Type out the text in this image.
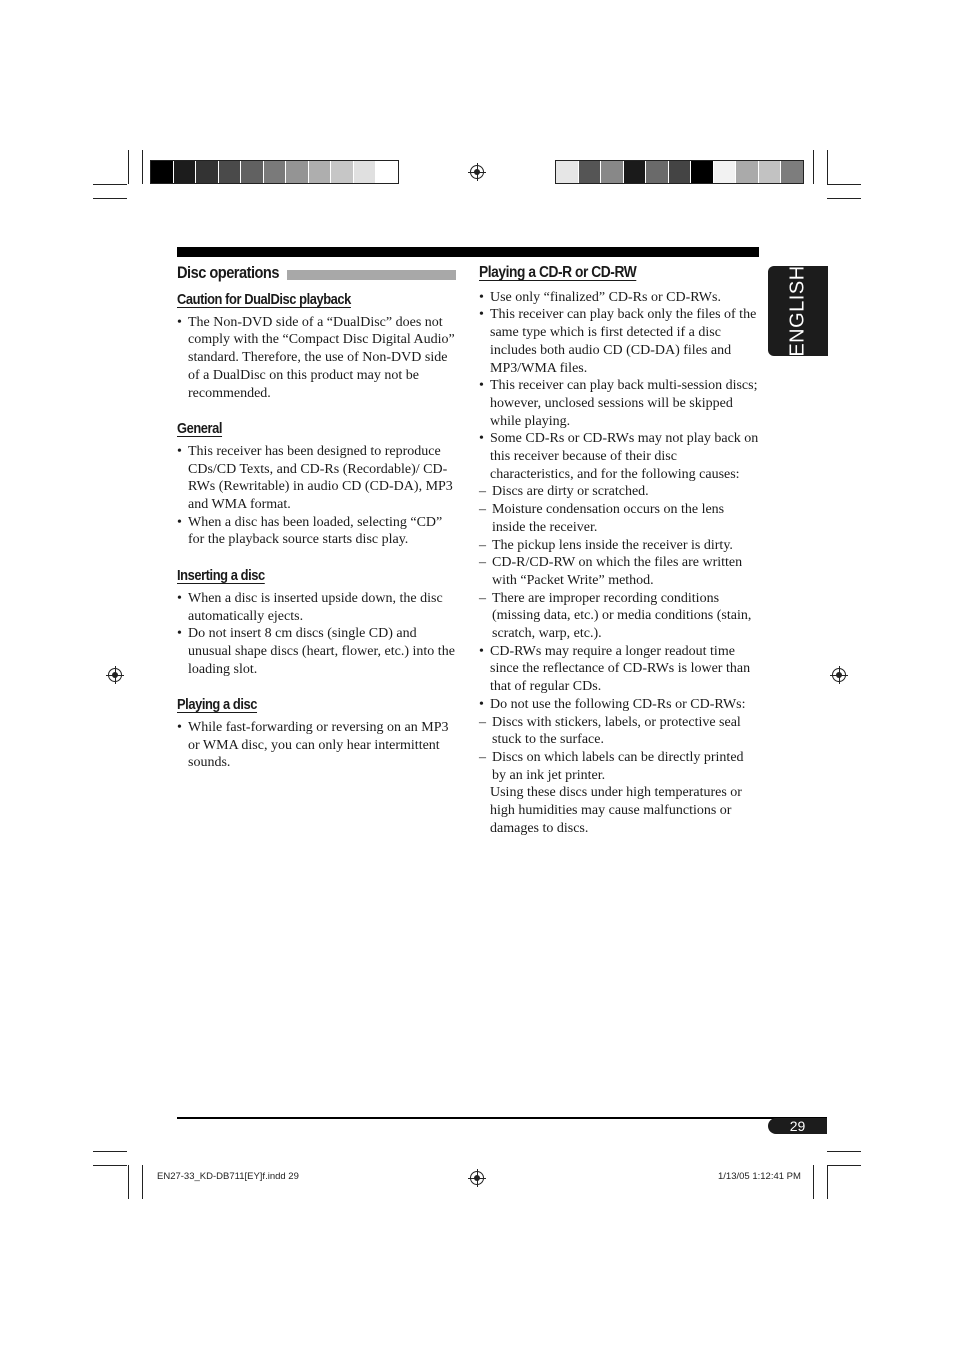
ENGLISH
Disc operations
Caution for DualDisc playback
• The Non-DVD side of a “DualDisc” does not comply with the “Compact Disc Digital Audio” standard. Therefore, the use of Non-DVD side of a DualDisc on this product may not be recommended.
General
• This receiver has been designed to reproduce CDs/CD Texts, and CD-Rs (Recordable)/ CD-RWs (Rewritable) in audio CD (CD-DA), MP3 and WMA format.
• When a disc has been loaded, selecting “CD” for the playback source starts disc play.
Inserting a disc
• When a disc is inserted upside down, the disc automatically ejects.
• Do not insert 8 cm discs (single CD) and unusual shape discs (heart, flower, etc.) into the loading slot.
Playing a disc
• While fast-forwarding or reversing on an MP3 or WMA disc, you can only hear intermittent sounds.
Playing a CD-R or CD-RW
• Use only “finalized” CD-Rs or CD-RWs.
• This receiver can play back only the files of the same type which is first detected if a disc includes both audio CD (CD-DA) files and MP3/WMA files.
• This receiver can play back multi-session discs; however, unclosed sessions will be skipped while playing.
• Some CD-Rs or CD-RWs may not play back on this receiver because of their disc characteristics, and for the following causes:
– Discs are dirty or scratched.
– Moisture condensation occurs on the lens inside the receiver.
– The pickup lens inside the receiver is dirty.
– CD-R/CD-RW on which the files are written with “Packet Write” method.
– There are improper recording conditions (missing data, etc.) or media conditions (stain, scratch, warp, etc.).
• CD-RWs may require a longer readout time since the reflectance of CD-RWs is lower than that of regular CDs.
• Do not use the following CD-Rs or CD-RWs:
– Discs with stickers, labels, or protective seal stuck to the surface.
– Discs on which labels can be directly printed by an ink jet printer.
Using these discs under high temperatures or high humidities may cause malfunctions or damages to discs.
29
EN27-33_KD-DB711[EY]f.indd 29	1/13/05 1:12:41 PM
